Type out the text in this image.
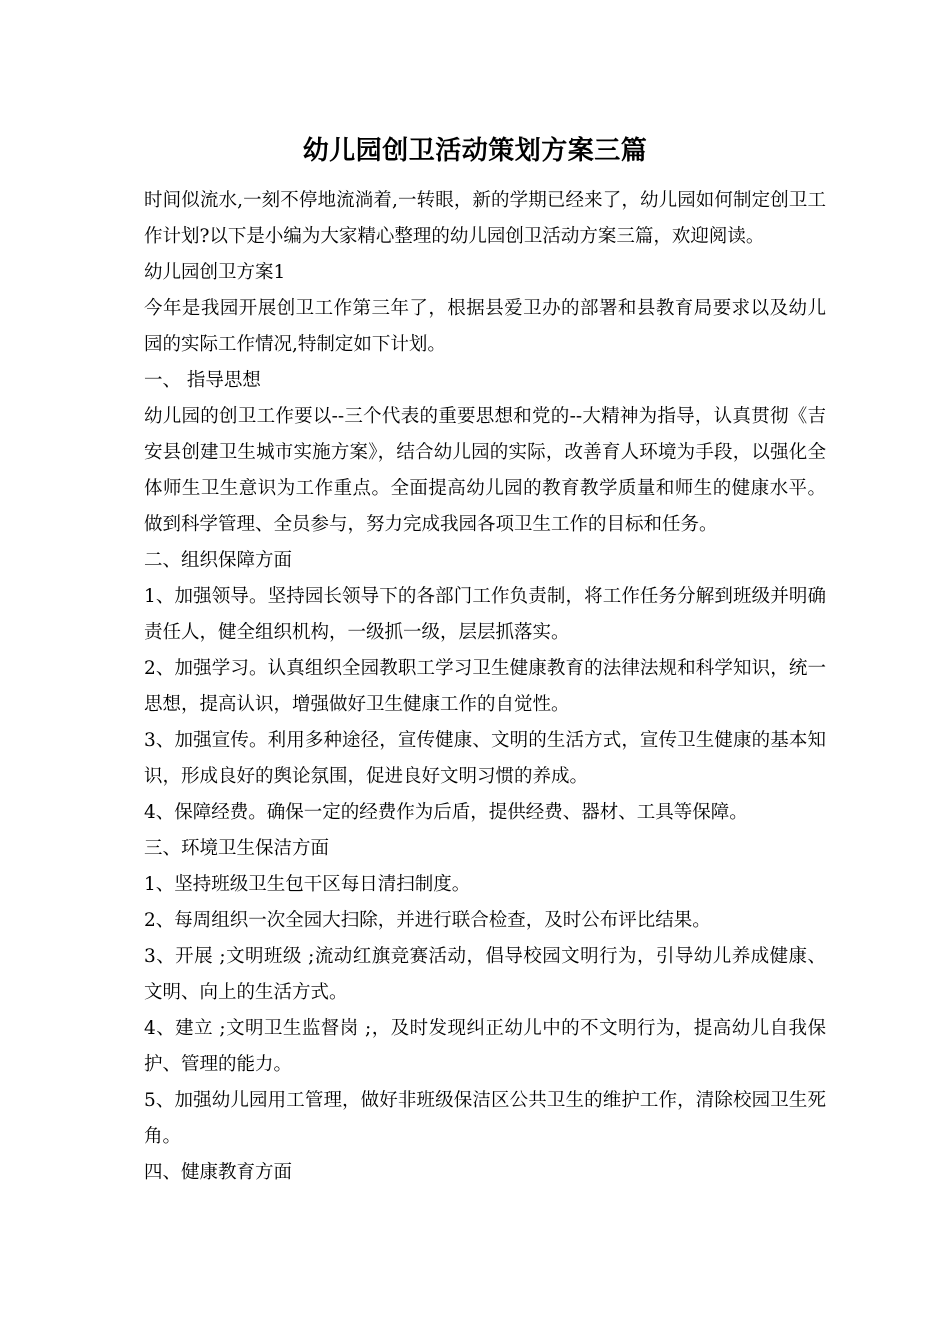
幼儿园创卫活动策划方案三篇

时间似流水,一刻不停地流淌着,一转眼，新的学期已经来了，幼儿园如何制定创卫工作计划?以下是小编为大家精心整理的幼儿园创卫活动方案三篇，欢迎阅读。

幼儿园创卫方案1

今年是我园开展创卫工作第三年了，根据县爱卫办的部署和县教育局要求以及幼儿园的实际工作情况,特制定如下计划。

一、 指导思想

幼儿园的创卫工作要以--三个代表的重要思想和党的--大精神为指导，认真贯彻《吉安县创建卫生城市实施方案》，结合幼儿园的实际，改善育人环境为手段，以强化全体师生卫生意识为工作重点。全面提高幼儿园的教育教学质量和师生的健康水平。做到科学管理、全员参与，努力完成我园各项卫生工作的目标和任务。

二、组织保障方面

1、加强领导。坚持园长领导下的各部门工作负责制，将工作任务分解到班级并明确责任人，健全组织机构，一级抓一级，层层抓落实。

2、加强学习。认真组织全园教职工学习卫生健康教育的法律法规和科学知识，统一思想，提高认识，增强做好卫生健康工作的自觉性。

3、加强宣传。利用多种途径，宣传健康、文明的生活方式，宣传卫生健康的基本知识，形成良好的舆论氛围，促进良好文明习惯的养成。

4、保障经费。确保一定的经费作为后盾，提供经费、器材、工具等保障。

三、环境卫生保洁方面

1、坚持班级卫生包干区每日清扫制度。

2、每周组织一次全园大扫除，并进行联合检查，及时公布评比结果。

3、开展 ;文明班级 ;流动红旗竞赛活动，倡导校园文明行为，引导幼儿养成健康、文明、向上的生活方式。

4、建立 ;文明卫生监督岗 ;，及时发现纠正幼儿中的不文明行为，提高幼儿自我保护、管理的能力。

5、加强幼儿园用工管理，做好非班级保洁区公共卫生的维护工作，清除校园卫生死角。

四、健康教育方面
